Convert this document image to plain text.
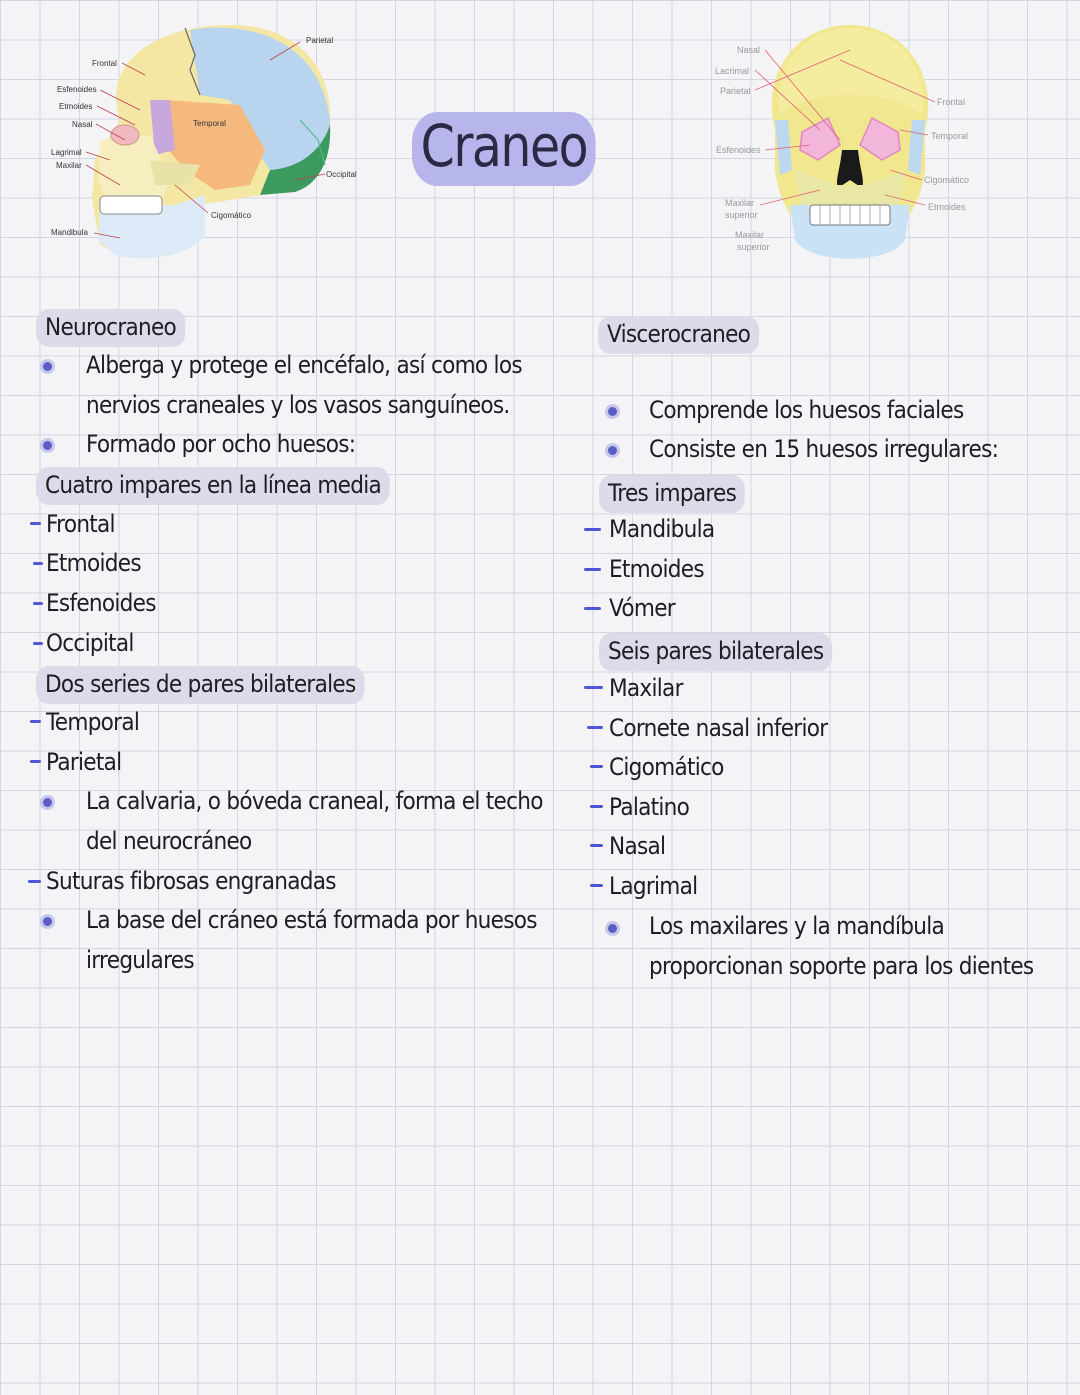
Frontal
Parietal
Esfenoides
Etmoides
Nasal	Temporal
Lagrimal
Maxilar
Occipital
Cigomático
Mandibula
Craneo
Nasal
Lacrimal
Parietal
Esfenoides
Maxilar
superior
Maxilar
superior
Frontal
Temporal
Cigomático
Etmoides
Neurocraneo
Alberga y protege el encéfalo, así como los
nervios craneales y los vasos sanguíneos.
Formado por ocho huesos:
Cuatro impares en la línea media
Frontal
Etmoides
Esfenoides
Occipital
Dos series de pares bilaterales
Temporal
Parietal
La calvaria, o bóveda craneal, forma el techo
del neurocráneo
Suturas fibrosas engranadas
La base del cráneo está formada por huesos
irregulares
Viscerocraneo
Comprende los huesos faciales
Consiste en 15 huesos irregulares:
Tres impares
Mandibula
Etmoides
Vómer
Seis pares bilaterales
Maxilar
Cornete nasal inferior
Cigomático
Palatino
Nasal
Lagrimal
Los maxilares y la mandíbula
proporcionan soporte para los dientes
